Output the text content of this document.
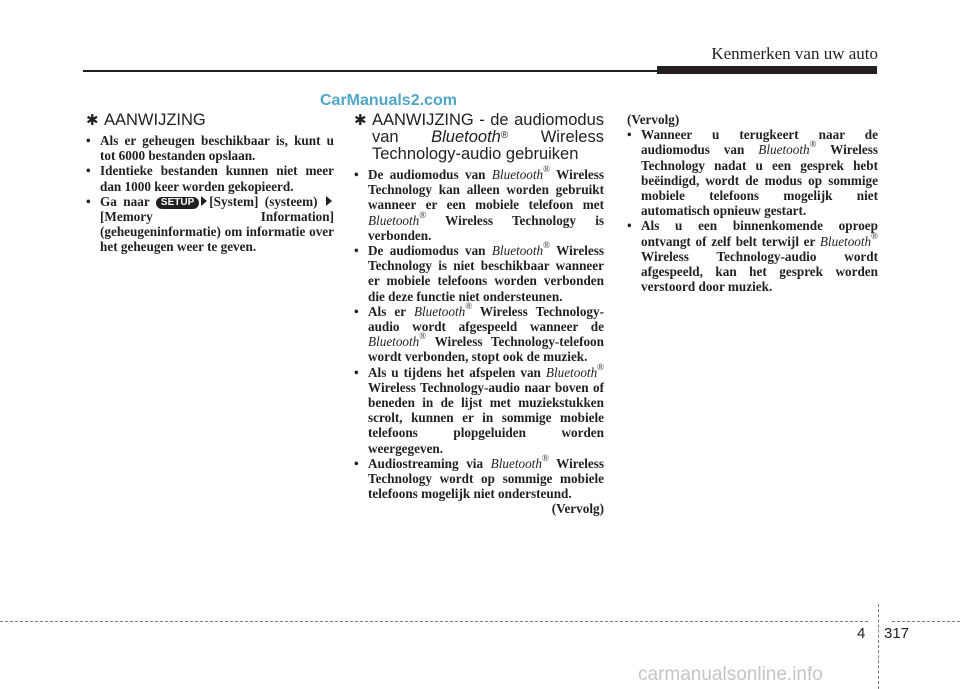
Kenmerken van uw auto
CarManuals2.com
✱ AANWIJZING
• Als er geheugen beschikbaar is, kunt u tot 6000 bestanden opslaan.
• Identieke bestanden kunnen niet meer dan 1000 keer worden gekopieerd.
• Ga naar SETUP [System] (systeem) [Memory Information] (geheugeninformatie) om informatie over het geheugen weer te geven.
✱ AANWIJZING - de audiomodus van Bluetooth® Wireless Technology-audio gebruiken
• De audiomodus van Bluetooth® Wireless Technology kan alleen worden gebruikt wanneer er een mobiele telefoon met Bluetooth® Wireless Technology is verbonden.
• De audiomodus van Bluetooth® Wireless Technology is niet beschikbaar wanneer er mobiele telefoons worden verbonden die deze functie niet ondersteunen.
• Als er Bluetooth® Wireless Technology-audio wordt afgespeeld wanneer de Bluetooth® Wireless Technology-telefoon wordt verbonden, stopt ook de muziek.
• Als u tijdens het afspelen van Bluetooth® Wireless Technology-audio naar boven of beneden in de lijst met muziekstukken scrolt, kunnen er in sommige mobiele telefoons plopgeluiden worden weergegeven.
• Audiostreaming via Bluetooth® Wireless Technology wordt op sommige mobiele telefoons mogelijk niet ondersteund.
(Vervolg)
(Vervolg)
• Wanneer u terugkeert naar de audiomodus van Bluetooth® Wireless Technology nadat u een gesprek hebt beëindigd, wordt de modus op sommige mobiele telefoons mogelijk niet automatisch opnieuw gestart.
• Als u een binnenkomende oproep ontvangt of zelf belt terwijl er Bluetooth® Wireless Technology-audio wordt afgespeeld, kan het gesprek worden verstoord door muziek.
4 317
carmanualsonline.info
